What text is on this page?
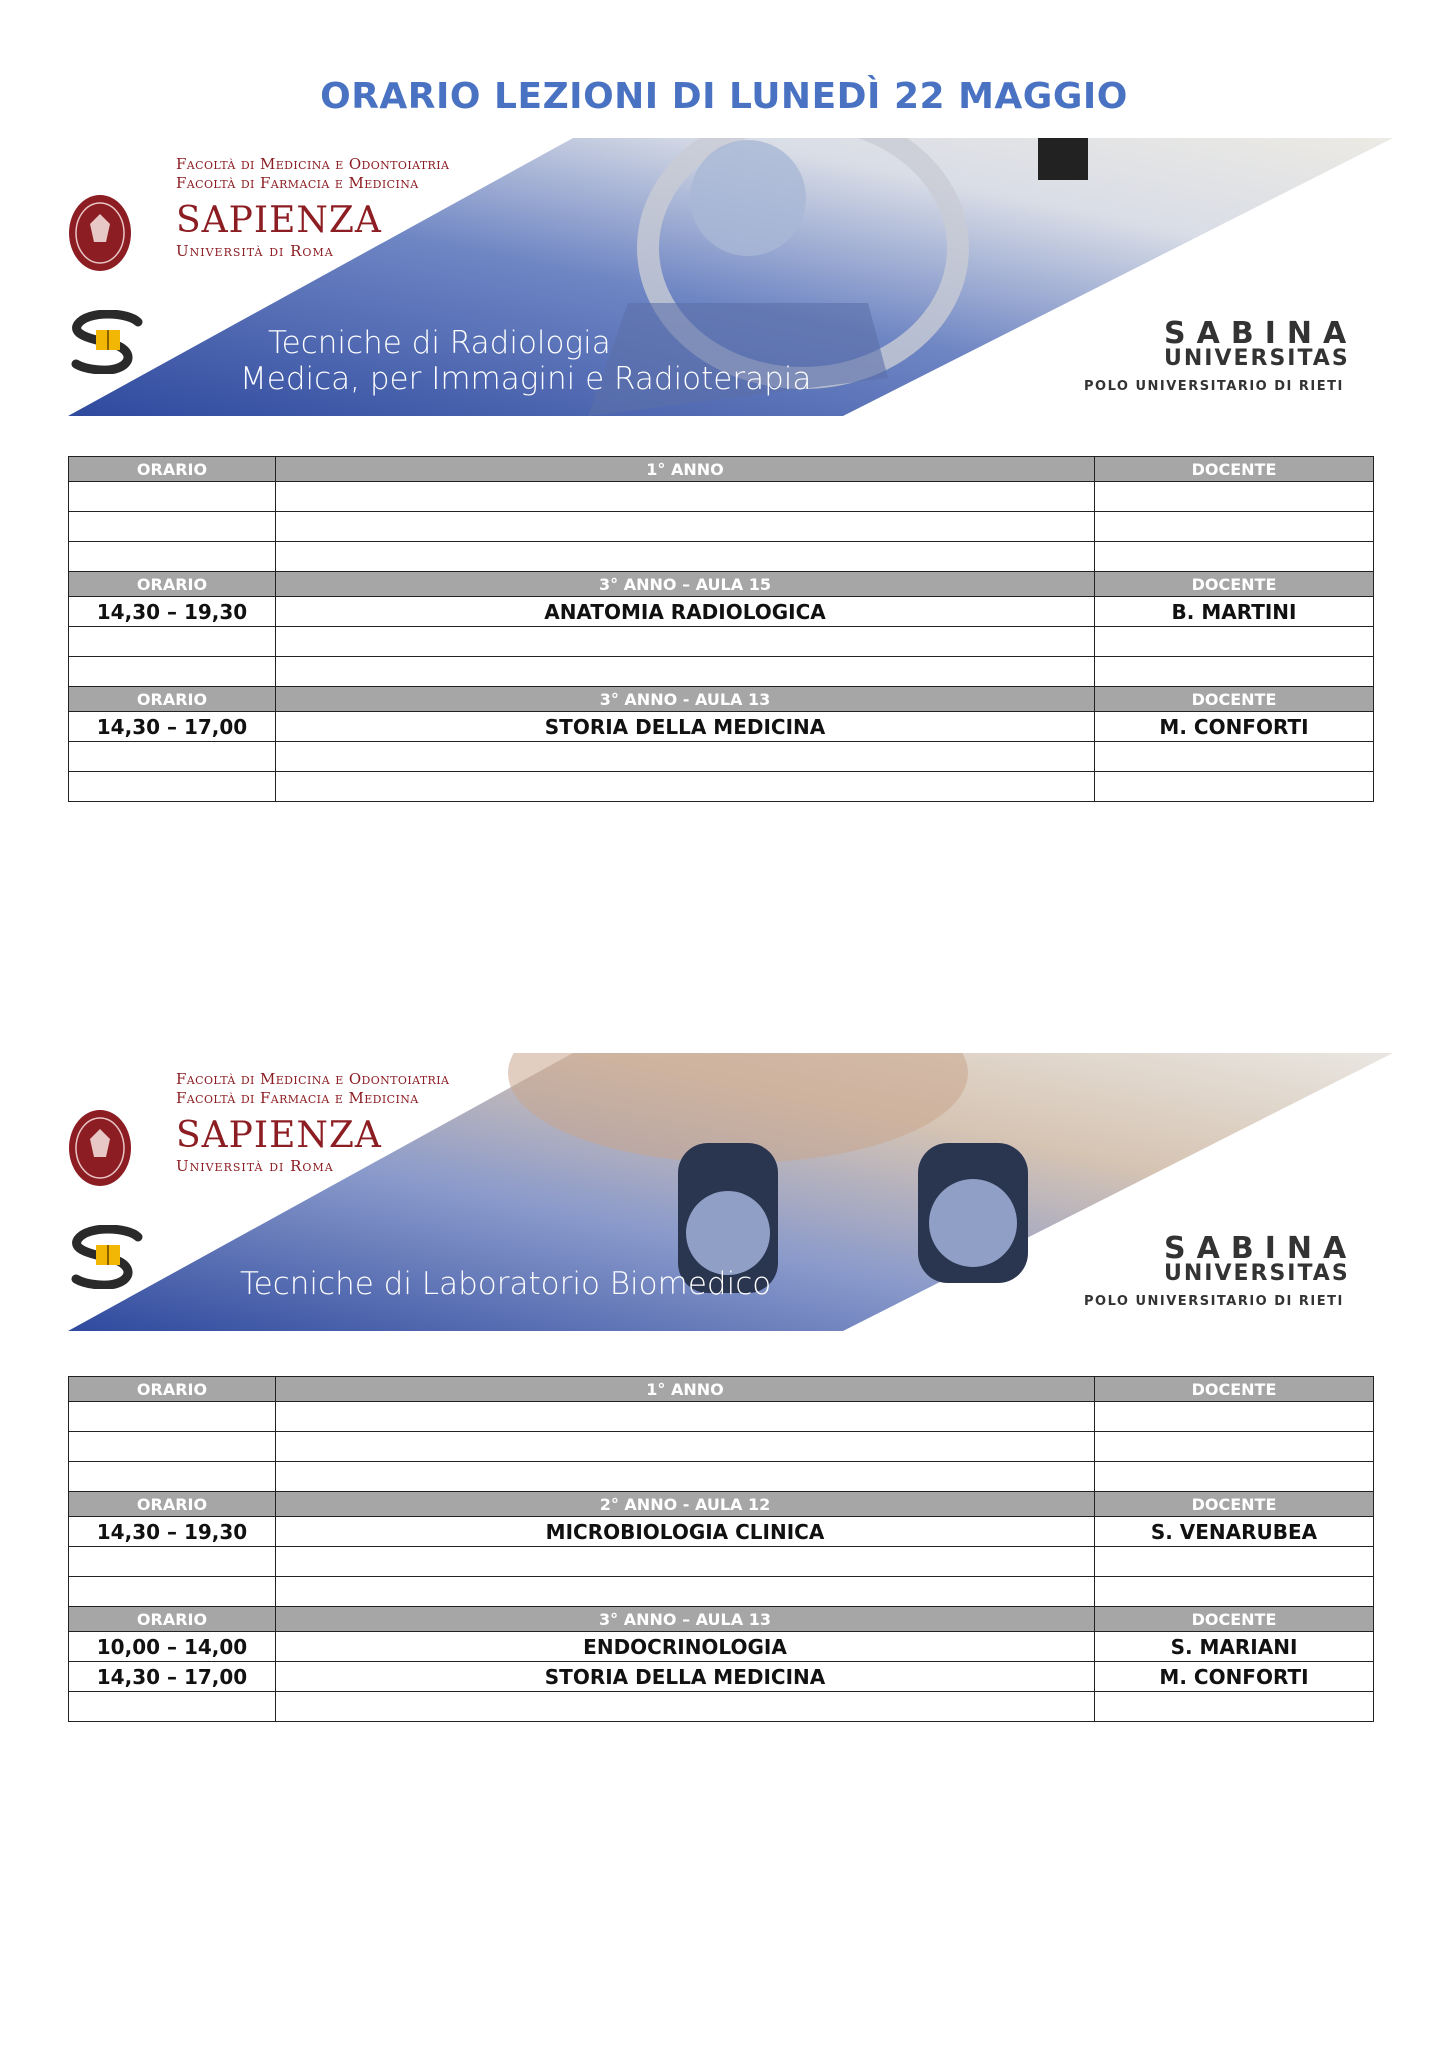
ORARIO LEZIONI DI LUNEDÌ 22 MAGGIO
Facoltà di Medicina e Odontoiatria
Facoltà di Farmacia e Medicina
SAPIENZA
Università di Roma
Tecniche di Radiologia
Medica, per Immagini e Radioterapia
SABINA
UNIVERSITAS
POLO UNIVERSITARIO DI RIETI
ORARIO	1° ANNO	DOCENTE

ORARIO	3° ANNO – AULA 15	DOCENTE
14,30 – 19,30	ANATOMIA RADIOLOGICA	B. MARTINI

ORARIO	3° ANNO - AULA 13	DOCENTE
14,30 – 17,00	STORIA DELLA MEDICINA	M. CONFORTI

Facoltà di Medicina e Odontoiatria
Facoltà di Farmacia e Medicina
SAPIENZA
Università di Roma
Tecniche di Laboratorio Biomedico
SABINA
UNIVERSITAS
POLO UNIVERSITARIO DI RIETI
ORARIO	1° ANNO	DOCENTE

ORARIO	2° ANNO - AULA 12	DOCENTE
14,30 – 19,30	MICROBIOLOGIA CLINICA	S. VENARUBEA

ORARIO	3° ANNO – AULA 13	DOCENTE
10,00 – 14,00	ENDOCRINOLOGIA	S. MARIANI
14,30 – 17,00	STORIA DELLA MEDICINA	M. CONFORTI
